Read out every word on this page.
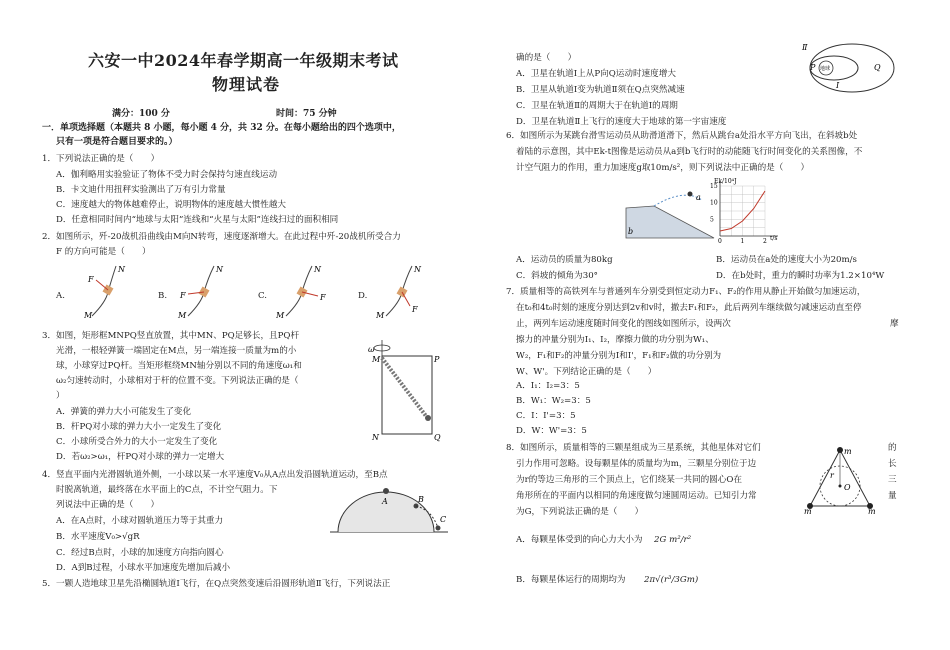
六安一中2024年春学期高一年级期末考试
物理试卷
满分：100 分	时间：75 分钟
一．单项选择题（本题共 8 小题，每小题 4 分，共 32 分。在每小题给出的四个选项中，
只有一项是符合题目要求的。）
1．下列说法正确的是（　　）
A．伽利略用实验验证了物体不受力时会保持匀速直线运动
B．卡文迪什用扭秤实验测出了万有引力常量
C．速度越大的物体越难停止，说明物体的速度越大惯性越大
D．任意相同时间内“地球与太阳”连线和“火星与太阳”连线扫过的面积相同
2．如图所示，歼-20战机沿曲线由M向N转弯，速度逐渐增大。在此过程中歼-20战机所受合力
F 的方向可能是（　　）
A.	B.	C.	D.
F
N
M
F
N
M
F
N
M
F
N
M
3．如图，矩形框MNPQ竖直放置，其中MN、PQ足够长，且PQ杆
光滑，一根轻弹簧一端固定在M点，另一端连接一质量为m的小
球，小球穿过PQ杆。当矩形框绕MN轴分别以不同的角速度ω₁和
ω₂匀速转动时，小球相对于杆的位置不变。下列说法正确的是（
）
A．弹簧的弹力大小可能发生了变化
B．杆PQ对小球的弹力大小一定发生了变化
C．小球所受合外力的大小一定发生了变化
D．若ω₂>ω₁，杆PQ对小球的弹力一定增大
ω
M	P
N	Q
4．竖直平面内光滑圆轨道外侧，一小球以某一水平速度V₀从A点出发沿圆轨道运动，至B点
时脱离轨道，最终落在水平面上的C点，不计空气阻力。下
列说法中正确的是（　　）
A．在A点时，小球对圆轨道压力等于其重力
B．水平速度V₀>√gR
C．经过B点时，小球的加速度方向指向圆心
D．A到B过程，小球水平加速度先增加后减小
A	B
C
5．一颗人造地球卫星先沿椭圆轨道Ⅰ飞行，在Q点突然变速后沿圆形轨道Ⅱ飞行，下列说法正
确的是（　　）
A．卫星在轨道Ⅰ上从P向Q运动时速度增大
B．卫星从轨道Ⅰ变为轨道Ⅱ须在Q点突然减速
C．卫星在轨道Ⅱ的周期大于在轨道Ⅰ的周期
D．卫星在轨道Ⅱ上飞行的速度大于地球的第一宇宙速度
地球
Ⅱ
Ⅰ
P	Q
6．如图所示为某跳台滑雪运动员从助滑道滑下，然后从跳台a处沿水平方向飞出，在斜坡b处
着陆的示意图，其中Ek-t图像是运动员从a到b飞行时的动能随飞行时间变化的关系图像，不
计空气阻力的作用，重力加速度g取10m/s²，则下列说法中正确的是（　　）
a
b
Ek/10⁴J
t/s
0	1	2
5
10
15
A．运动员的质量为80kg	B．运动员在a处的速度大小为20m/s
C．斜坡的倾角为30°	D．在b处时，重力的瞬时功率为1.2×10⁴W
7．质量相等的高铁列车与普通列车分别受到恒定动力F₁、F₂的作用从静止开始做匀加速运动，
在t₀和4t₀时刻的速度分别达到2v和v时，撤去F₁和F₂，此后两列车继续做匀减速运动直至停
止，两列车运动速度随时间变化的图线如图所示，设两次	摩
擦力的冲量分别为I₁、I₂，摩擦力做的功分别为W₁、
W₂，F₁和F₂的冲量分别为I和I'，F₁和F₂做的功分别为
W、W'。下列结论正确的是（　　）
A．I₁：I₂=3：5
B．W₁：W₂=3：5
C．I：I'=3：5
D．W：W'=3：5
8．如图所示，质量相等的三颗星组成为三星系统，其他星体对它们	的
引力作用可忽略。设每颗星体的质量均为m，三颗星分别位于边	长
为r的等边三角形的三个顶点上，它们绕某一共同的圆心O在	三
角形所在的平面内以相同的角速度做匀速圆周运动。已知引力常	量
为G，下列说法正确的是（　　）
A．每颗星体受到的向心力大小为 2G m²/r²
B．每颗星体运行的周期均为 2π√(r³/3Gm)
m
m	m
r
O
